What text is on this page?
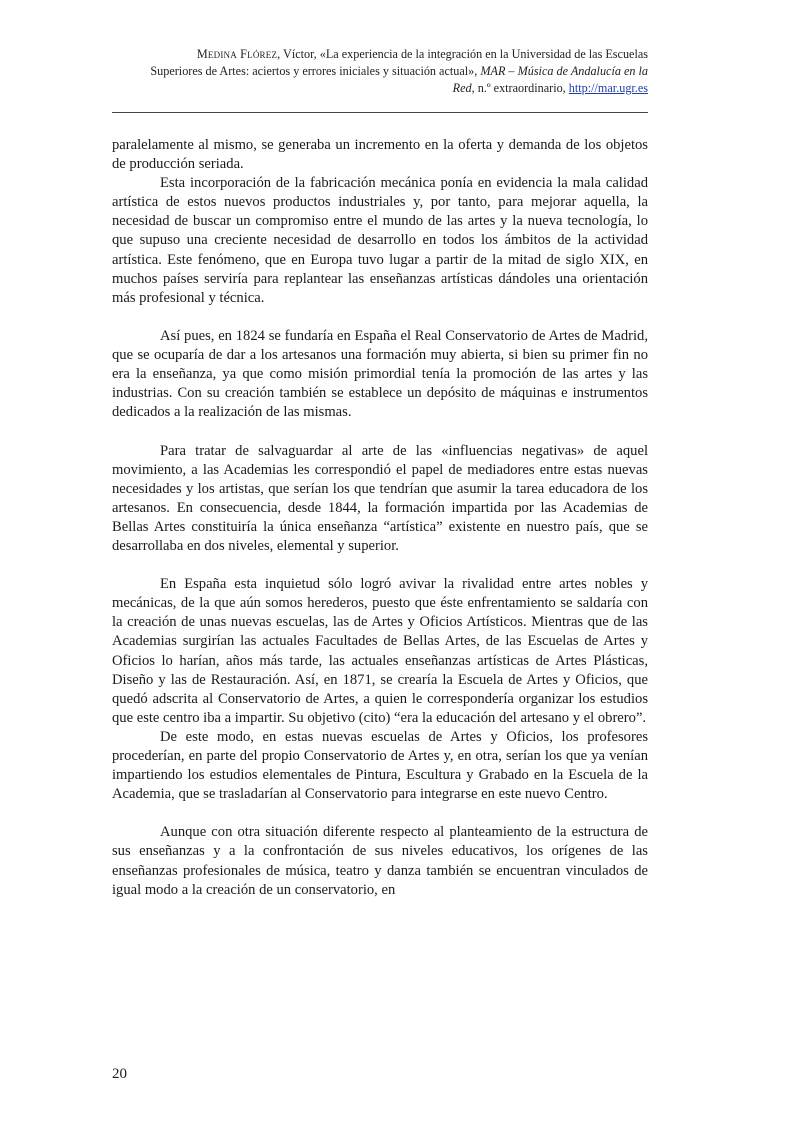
Medina Flórez, Víctor, «La experiencia de la integración en la Universidad de las Escuelas
Superiores de Artes: aciertos y errores iniciales y situación actual», MAR – Música de Andalucía en la
Red, n.º extraordinario, http://mar.ugr.es

paralelamente al mismo, se generaba un incremento en la oferta y demanda de los objetos de producción seriada.

Esta incorporación de la fabricación mecánica ponía en evidencia la mala calidad artística de estos nuevos productos industriales y, por tanto, para mejorar aquella, la necesidad de buscar un compromiso entre el mundo de las artes y la nueva tecnología, lo que supuso una creciente necesidad de desarrollo en todos los ámbitos de la actividad artística. Este fenómeno, que en Europa tuvo lugar a partir de la mitad de siglo XIX, en muchos países serviría para replantear las enseñanzas artísticas dándoles una orientación más profesional y técnica.

Así pues, en 1824 se fundaría en España el Real Conservatorio de Artes de Madrid, que se ocuparía de dar a los artesanos una formación muy abierta, si bien su primer fin no era la enseñanza, ya que como misión primordial tenía la promoción de las artes y las industrias. Con su creación también se establece un depósito de máquinas e instrumentos dedicados a la realización de las mismas.

Para tratar de salvaguardar al arte de las «influencias negativas» de aquel movimiento, a las Academias les correspondió el papel de mediadores entre estas nuevas necesidades y los artistas, que serían los que tendrían que asumir la tarea educadora de los artesanos. En consecuencia, desde 1844, la formación impartida por las Academias de Bellas Artes constituiría la única enseñanza “artística” existente en nuestro país, que se desarrollaba en dos niveles, elemental y superior.

En España esta inquietud sólo logró avivar la rivalidad entre artes nobles y mecánicas, de la que aún somos herederos, puesto que éste enfrentamiento se saldaría con la creación de unas nuevas escuelas, las de Artes y Oficios Artísticos. Mientras que de las Academias surgirían las actuales Facultades de Bellas Artes, de las Escuelas de Artes y Oficios lo harían, años más tarde, las actuales enseñanzas artísticas de Artes Plásticas, Diseño y las de Restauración. Así, en 1871, se crearía la Escuela de Artes y Oficios, que quedó adscrita al Conservatorio de Artes, a quien le correspondería organizar los estudios que este centro iba a impartir. Su objetivo (cito) “era la educación del artesano y el obrero”.

De este modo, en estas nuevas escuelas de Artes y Oficios, los profesores procederían, en parte del propio Conservatorio de Artes y, en otra, serían los que ya venían impartiendo los estudios elementales de Pintura, Escultura y Grabado en la Escuela de la Academia, que se trasladarían al Conservatorio para integrarse en este nuevo Centro.

Aunque con otra situación diferente respecto al planteamiento de la estructura de sus enseñanzas y a la confrontación de sus niveles educativos, los orígenes de las enseñanzas profesionales de música, teatro y danza también se encuentran vinculados de igual modo a la creación de un conservatorio, en

20
